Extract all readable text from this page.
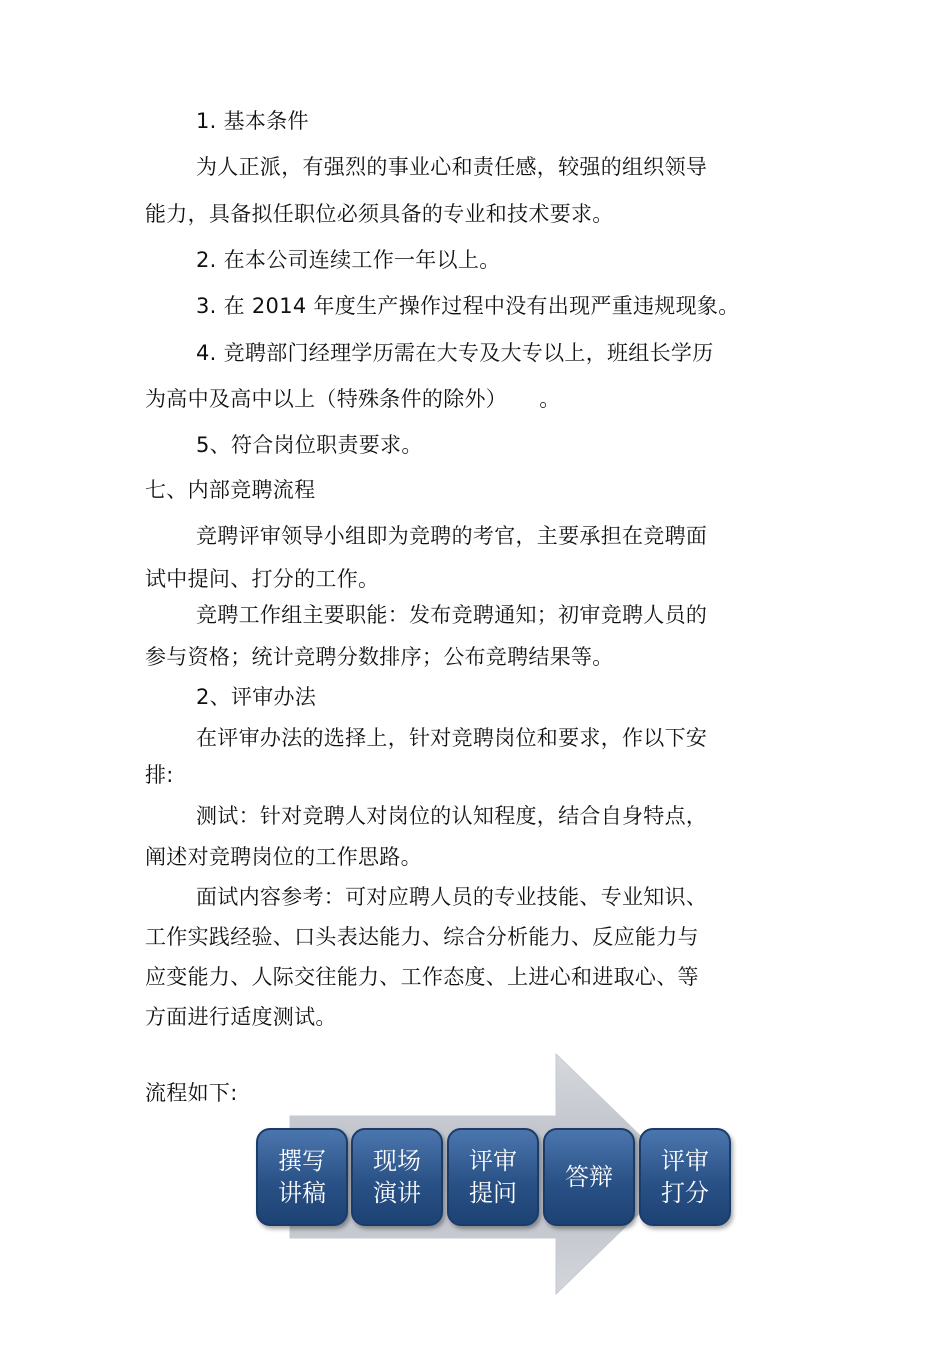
1. 基本条件
为人正派，有强烈的事业心和责任感，较强的组织领导
能力，具备拟任职位必须具备的专业和技术要求。
2. 在本公司连续工作一年以上。
3. 在 2014 年度生产操作过程中没有出现严重违规现象。
4. 竞聘部门经理学历需在大专及大专以上，班组长学历
为高中及高中以上（特殊条件的除外）　　。
5、符合岗位职责要求。
七、内部竞聘流程
竞聘评审领导小组即为竞聘的考官，主要承担在竞聘面
试中提问、打分的工作。
竞聘工作组主要职能：发布竞聘通知；初审竞聘人员的
参与资格；统计竞聘分数排序；公布竞聘结果等。
2、评审办法
在评审办法的选择上，针对竞聘岗位和要求，作以下安
排:
测试：针对竞聘人对岗位的认知程度，结合自身特点，
阐述对竞聘岗位的工作思路。
面试内容参考：可对应聘人员的专业技能、专业知识、
工作实践经验、口头表达能力、综合分析能力、反应能力与
应变能力、人际交往能力、工作态度、上进心和进取心、等
方面进行适度测试。
流程如下:
撰写
讲稿
现场
演讲
评审
提问
答辩
评审
打分
